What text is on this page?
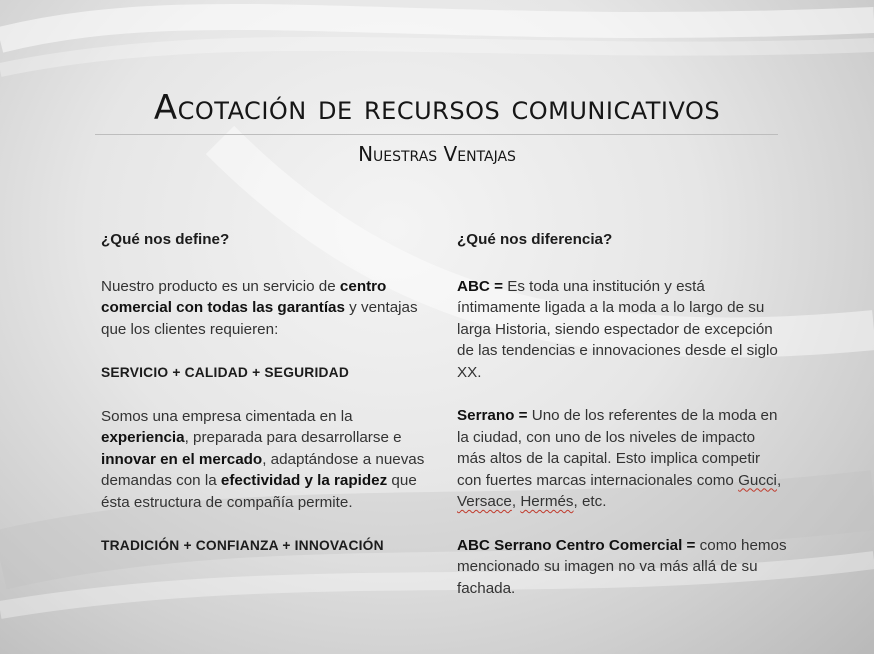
Acotación de recursos comunicativos
Nuestras Ventajas
¿Qué nos define?
Nuestro producto es un servicio de centro comercial con todas las garantías y ventajas que los clientes requieren:
SERVICIO + CALIDAD + SEGURIDAD
Somos una empresa cimentada en la experiencia, preparada para desarrollarse e innovar en el mercado, adaptándose a nuevas demandas con la efectividad y la rapidez que ésta estructura de compañía permite.
TRADICIÓN + CONFIANZA + INNOVACIÓN
¿Qué nos diferencia?
ABC = Es toda una institución y está íntimamente ligada a la moda a lo largo de su larga Historia, siendo espectador de excepción de las tendencias e innovaciones desde el siglo XX.
Serrano = Uno de los referentes de la moda en la ciudad, con uno de los niveles de impacto más altos de la capital. Esto implica competir con fuertes marcas internacionales como Gucci, Versace, Hermés, etc.
ABC Serrano Centro Comercial = como hemos mencionado su imagen no va más allá de su fachada.
